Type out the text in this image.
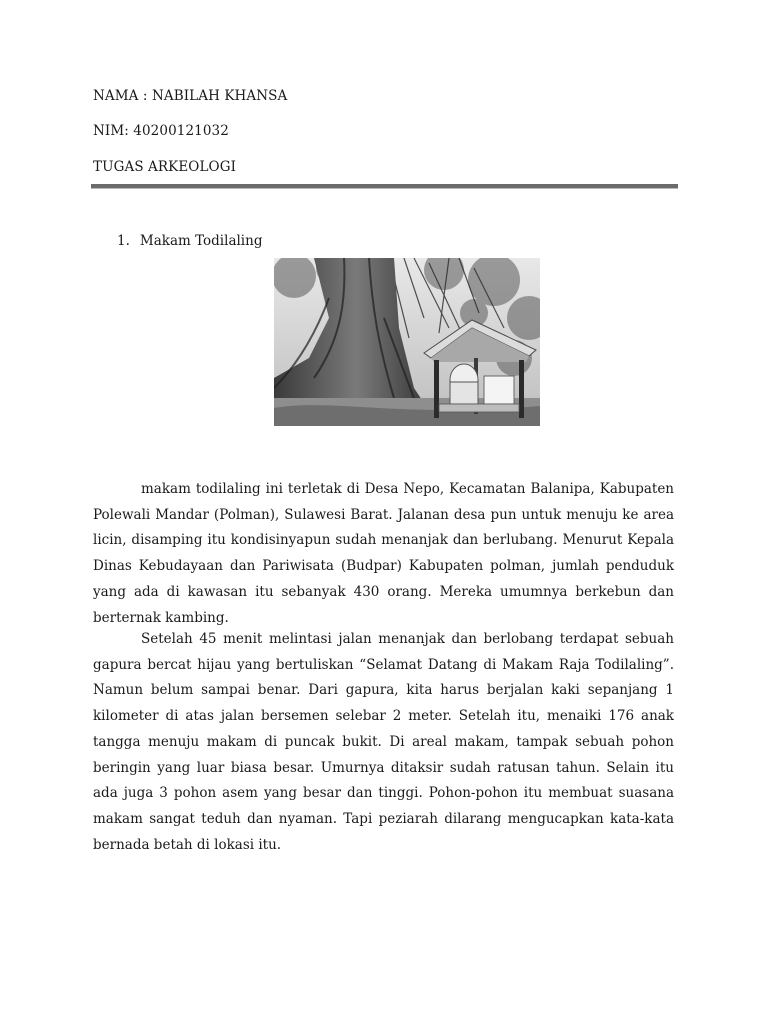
NAMA : NABILAH KHANSA
NIM: 40200121032
TUGAS ARKEOLOGI
1. Makam Todilaling

makam todilaling ini terletak di Desa Nepo, Kecamatan Balanipa, Kabupaten Polewali Mandar (Polman), Sulawesi Barat. Jalanan desa pun untuk menuju ke area licin, disamping itu kondisinyapun sudah menanjak dan berlubang. Menurut Kepala Dinas Kebudayaan dan Pariwisata (Budpar) Kabupaten polman, jumlah penduduk yang ada di kawasan itu sebanyak 430 orang. Mereka umumnya berkebun dan berternak kambing.

Setelah 45 menit melintasi jalan menanjak dan berlobang terdapat sebuah gapura bercat hijau yang bertuliskan “Selamat Datang di Makam Raja Todilaling”. Namun belum sampai benar. Dari gapura, kita harus berjalan kaki sepanjang 1 kilometer di atas jalan bersemen selebar 2 meter. Setelah itu, menaiki 176 anak tangga menuju makam di puncak bukit. Di areal makam, tampak sebuah pohon beringin yang luar biasa besar. Umurnya ditaksir sudah ratusan tahun. Selain itu ada juga 3 pohon asem yang besar dan tinggi. Pohon-pohon itu membuat suasana makam sangat teduh dan nyaman. Tapi peziarah dilarang mengucapkan kata-kata bernada betah di lokasi itu.
